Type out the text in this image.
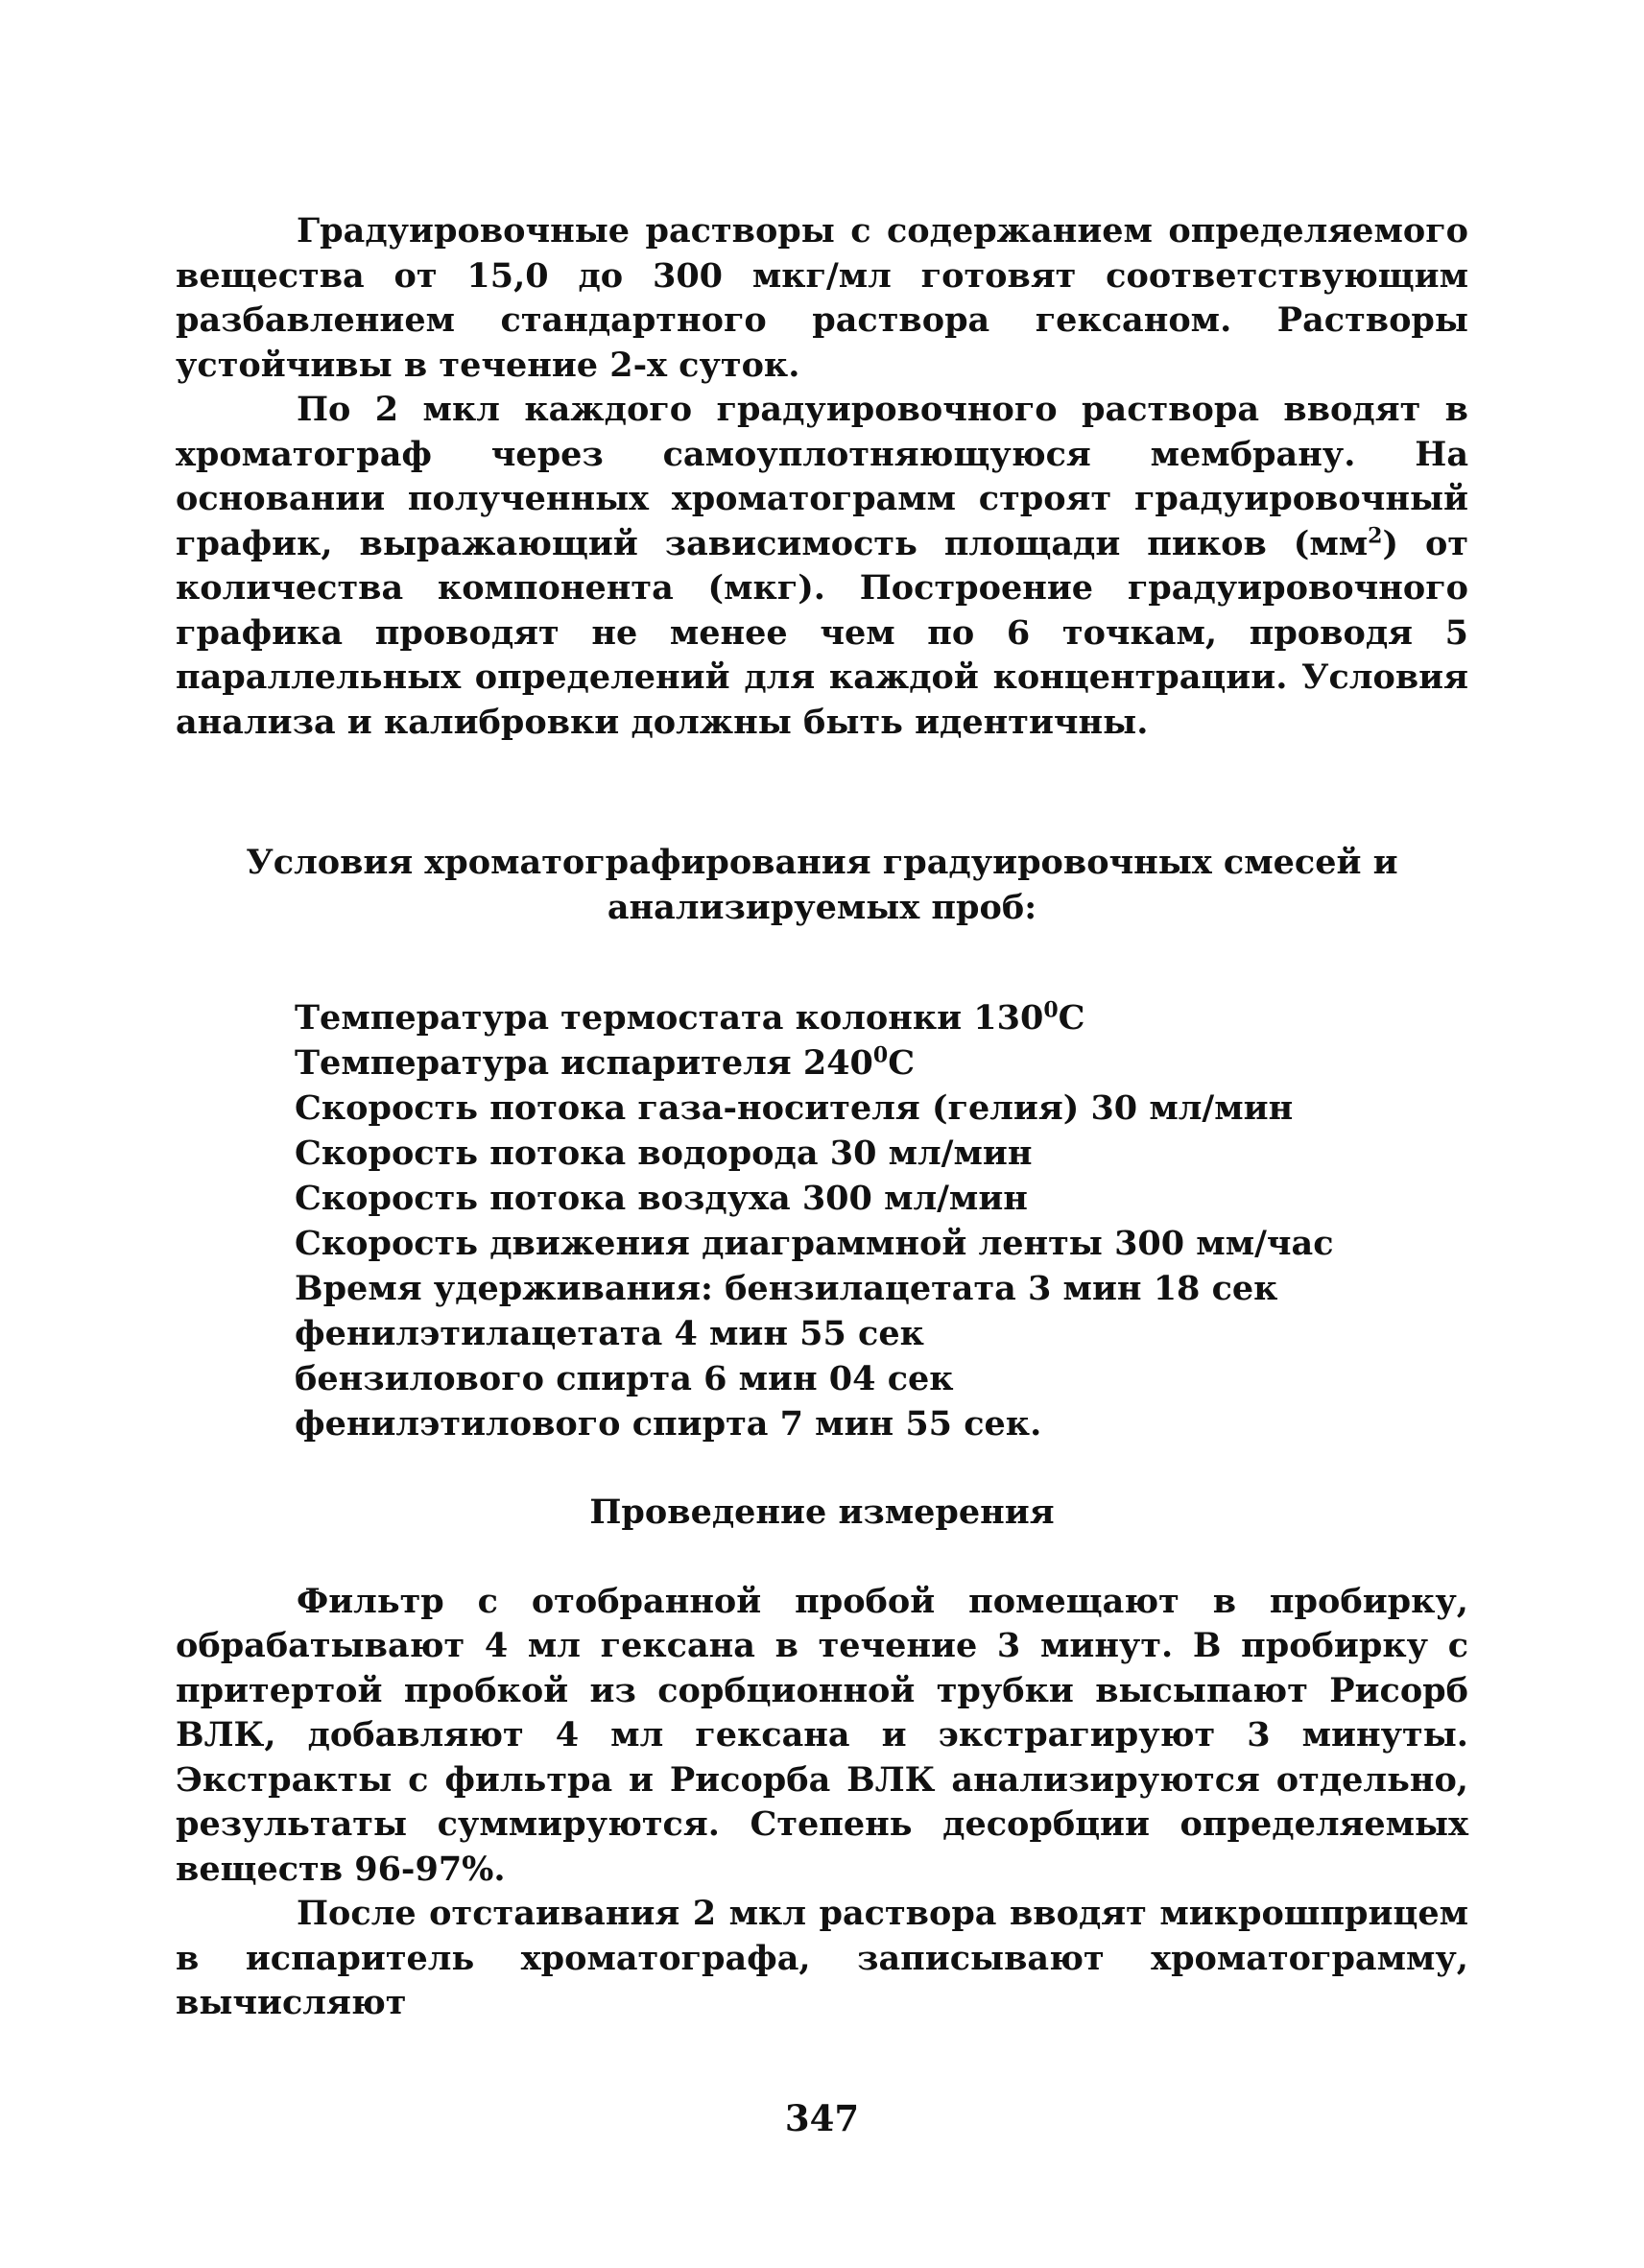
Градуировочные растворы с содержанием определяемого вещества от 15,0 до 300 мкг/мл готовят соответствующим разбавлением стандартного раствора гексаном. Растворы устойчивы в течение 2-х суток.

По 2 мкл каждого градуировочного раствора вводят в хроматограф через самоуплотняющуюся мембрану. На основании полученных хроматограмм строят градуировочный график, выражающий зависимость площади пиков $(мм^2)$ от количества компонента (мкг). Построение градуировочного графика проводят не менее чем по 6 точкам, проводя 5 параллельных определений для каждой концентрации. Условия анализа и калибровки должны быть идентичны.

Условия хроматографирования градуировочных смесей и
анализируемых проб:
Температура термостата колонки $130^0С$
Температура испарителя $240^0С$
Скорость потока газа-носителя (гелия) 30 мл/мин
Скорость потока водорода 30 мл/мин
Скорость потока воздуха 300 мл/мин
Скорость движения диаграммной ленты 300 мм/час
Время удерживания: бензилацетата 3 мин 18 сек
фенилэтилацетата 4 мин 55 сек
бензилового спирта 6 мин 04 сек
фенилэтилового спирта 7 мин 55 сек.
Проведение измерения

Фильтр с отобранной пробой помещают в пробирку, обрабатывают 4 мл гексана в течение 3 минут. В пробирку с притертой пробкой из сорбционной трубки высыпают Рисорб ВЛК, добавляют 4 мл гексана и экстрагируют 3 минуты. Экстракты с фильтра и Рисорба ВЛК анализируются отдельно, результаты суммируются. Степень десорбции определяемых веществ 96-97%.

После отстаивания 2 мкл раствора вводят микрошприцем в испаритель хроматографа, записывают хроматограмму, вычисляют

347
